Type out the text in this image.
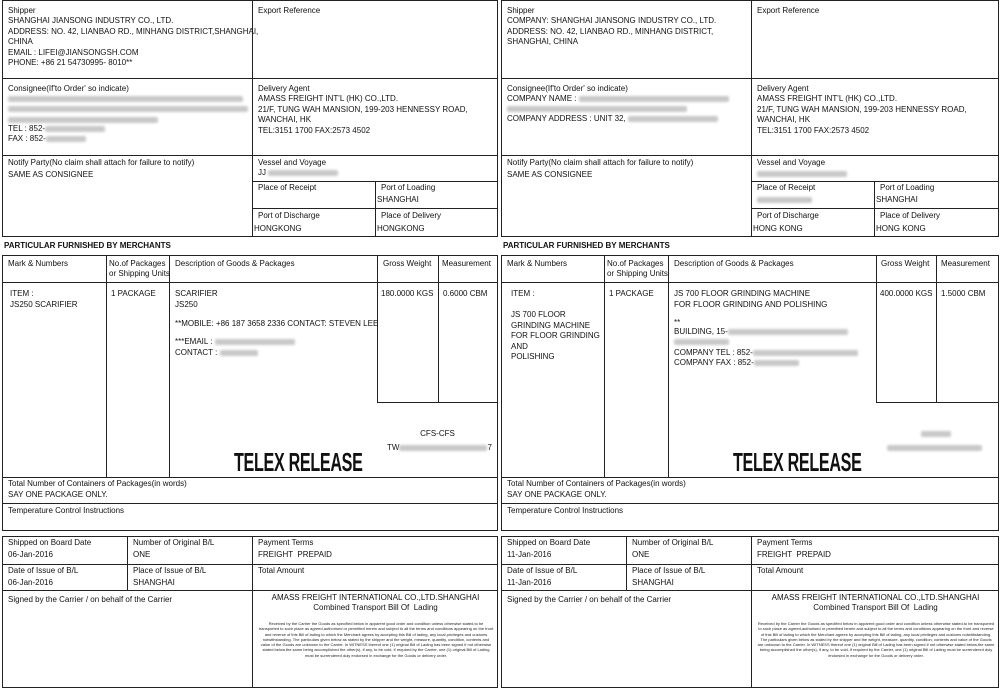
Shipper
SHANGHAI JIANSONG INDUSTRY CO., LTD.
ADDRESS: NO. 42, LIANBAO RD., MINHANG DISTRICT,SHANGHAI,
CHINA
EMAIL : LIFEI@JIANSONGSH.COM
PHONE: +86 21 54730995- 8010**
Export Reference
Consignee(If'to Order' so indicate)

TEL : 852-
FAX : 852-
Delivery Agent
AMASS FREIGHT INT'L (HK) CO.,LTD.
21/F, TUNG WAH MANSION, 199-203 HENNESSY ROAD,
WANCHAI, HK
TEL:3151 1700 FAX:2573 4502
Notify Party(No claim shall attach for failure to notify)
SAME AS CONSIGNEE
Vessel and Voyage
JJ
Place of Receipt	Port of Loading
SHANGHAI
Port of Discharge	Place of Delivery
HONGKONG	HONGKONG
PARTICULAR FURNISHED BY MERCHANTS
Mark & Numbers	No.of Packages
or Shipping Units
Description of Goods & Packages	Gross Weight Measurement
ITEM :
JS250 SCARIFIER
1 PACKAGE SCARIFIER
JS250
**MOBILE: +86 187 3658 2336 CONTACT: STEVEN LEE
***EMAIL :
CONTACT :
180.0000 KGS 0.6000 CBM
CFS-CFS
TW	7
TELEX RELEASE
Total Number of Containers of Packages(in words)
SAY ONE PACKAGE ONLY.
Temperature Control Instructions
Shipped on Board Date
06-Jan-2016
Number of Original B/L
ONE
Payment Terms
FREIGHT  PREPAID
Date of Issue of B/L
06-Jan-2016
Place of Issue of B/L
SHANGHAI
Total Amount
Signed by the Carrier / on behalf of the Carrier	AMASS FREIGHT INTERNATIONAL CO.,LTD.SHANGHAI
Combined Transport Bill Of  Lading
Received by the Carrier the Goods as specified below in apparent good order and condition unless otherwise stated,to be transported to such place as agreed,authorised or permitted herein and subject to all the terms and conditions appearing on the front and reverse of this Bill of lading to which the Merchant agrees by accepting this Bill of lading, any local privileges and customs notwithstanding. The particulars given below as stated by the shipper and the weight, measure, quantity, condition, contents and value of the Goods are unknown to the Carrier. In WITNESS thereof one (1) original Bill of Lading has been signed if not otherwise stated below,the same being accomplished the other(s), if any, to be void, if required by the Carrier, one (1) original Bill of Lading must be surrendered duly endorsed in exchange for the Goods or delivery order.
Shipper
COMPANY: SHANGHAI JIANSONG INDUSTRY CO., LTD.
ADDRESS: NO. 42, LIANBAO RD., MINHANG DISTRICT,
SHANGHAI, CHINA
Export Reference
Consignee(If'to Order' so indicate)
COMPANY NAME :
COMPANY ADDRESS : UNIT 32,
Delivery Agent
AMASS FREIGHT INT'L (HK) CO.,LTD.
21/F, TUNG WAH MANSION, 199-203 HENNESSY ROAD,
WANCHAI, HK
TEL:3151 1700 FAX:2573 4502
Notify Party(No claim shall attach for failure to notify)
SAME AS CONSIGNEE
Vessel and Voyage
Place of Receipt	Port of Loading
SHANGHAI
Port of Discharge	Place of Delivery
HONG KONG	HONG KONG
PARTICULAR FURNISHED BY MERCHANTS
Mark & Numbers	No.of Packages
or Shipping Units
Description of Goods & Packages	Gross Weight Measurement
ITEM :

JS 700 FLOOR
GRINDING MACHINE
FOR FLOOR GRINDING
AND
POLISHING
1 PACKAGE	JS 700 FLOOR GRINDING MACHINE
FOR FLOOR GRINDING AND POLISHING
**
BUILDING, 15-
COMPANY TEL : 852-
COMPANY FAX : 852-
400.0000 KGS 1.5000 CBM
TELEX RELEASE
Total Number of Containers of Packages(in words)
SAY ONE PACKAGE ONLY.
Temperature Control Instructions
Shipped on Board Date
11-Jan-2016
Number of Original B/L
ONE
Payment Terms
FREIGHT  PREPAID
Date of Issue of B/L
11-Jan-2016
Place of Issue of B/L
SHANGHAI
Total Amount
Signed by the Carrier / on behalf of the Carrier	AMASS FREIGHT INTERNATIONAL CO.,LTD.SHANGHAI
Combined Transport Bill Of  Lading
Received by the Carrier the Goods as specified below in apparent good order and condition unless otherwise stated,to be transported to such place as agreed,authorised or permitted herein and subject to all the terms and conditions appearing on the front and reverse of this Bill of lading to which the Merchant agrees by accepting this Bill of lading, any local privileges and customs notwithstanding. The particulars given below as stated by the shipper and the weight, measure, quantity, condition, contents and value of the Goods are unknown to the Carrier. In WITNESS thereof one (1) original Bill of Lading has been signed if not otherwise stated below,the same being accomplished the other(s), if any, to be void, if required by the Carrier, one (1) original Bill of Lading must be surrendered duly endorsed in exchange for the Goods or delivery order.
